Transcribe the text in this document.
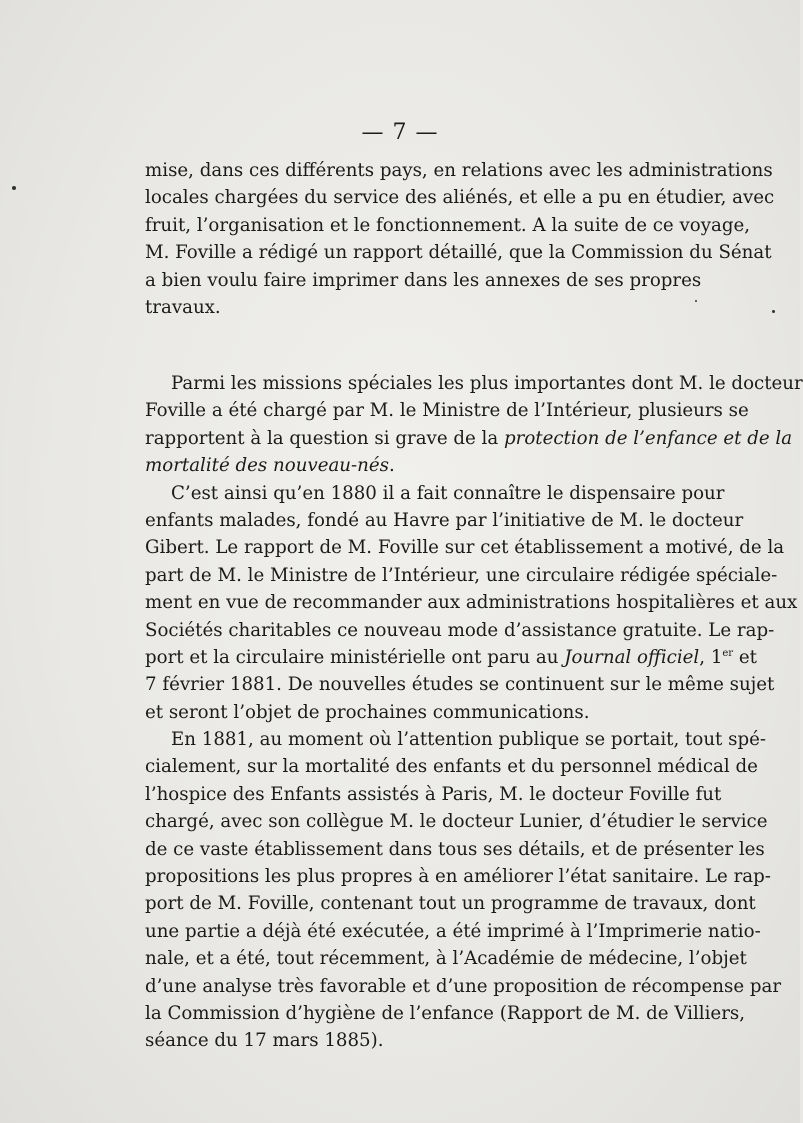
— 7 —
mise, dans ces différents pays, en relations avec les administrations
locales chargées du service des aliénés, et elle a pu en étudier, avec
fruit, l’organisation et le fonctionnement. A la suite de ce voyage,
M. Foville a rédigé un rapport détaillé, que la Commission du Sénat
a bien voulu faire imprimer dans les annexes de ses propres
travaux.
Parmi les missions spéciales les plus importantes dont M. le docteur
Foville a été chargé par M. le Ministre de l’Intérieur, plusieurs se
rapportent à la question si grave de la protection de l’enfance et de la
mortalité des nouveau-nés.
C’est ainsi qu’en 1880 il a fait connaître le dispensaire pour
enfants malades, fondé au Havre par l’initiative de M. le docteur
Gibert. Le rapport de M. Foville sur cet établissement a motivé, de la
part de M. le Ministre de l’Intérieur, une circulaire rédigée spéciale-
ment en vue de recommander aux administrations hospitalières et aux
Sociétés charitables ce nouveau mode d’assistance gratuite. Le rap-
port et la circulaire ministérielle ont paru au Journal officiel, 1er et
7 février 1881. De nouvelles études se continuent sur le même sujet
et seront l’objet de prochaines communications.
En 1881, au moment où l’attention publique se portait, tout spé-
cialement, sur la mortalité des enfants et du personnel médical de
l’hospice des Enfants assistés à Paris, M. le docteur Foville fut
chargé, avec son collègue M. le docteur Lunier, d’étudier le service
de ce vaste établissement dans tous ses détails, et de présenter les
propositions les plus propres à en améliorer l’état sanitaire. Le rap-
port de M. Foville, contenant tout un programme de travaux, dont
une partie a déjà été exécutée, a été imprimé à l’Imprimerie natio-
nale, et a été, tout récemment, à l’Académie de médecine, l’objet
d’une analyse très favorable et d’une proposition de récompense par
la Commission d’hygiène de l’enfance (Rapport de M. de Villiers,
séance du 17 mars 1885).
